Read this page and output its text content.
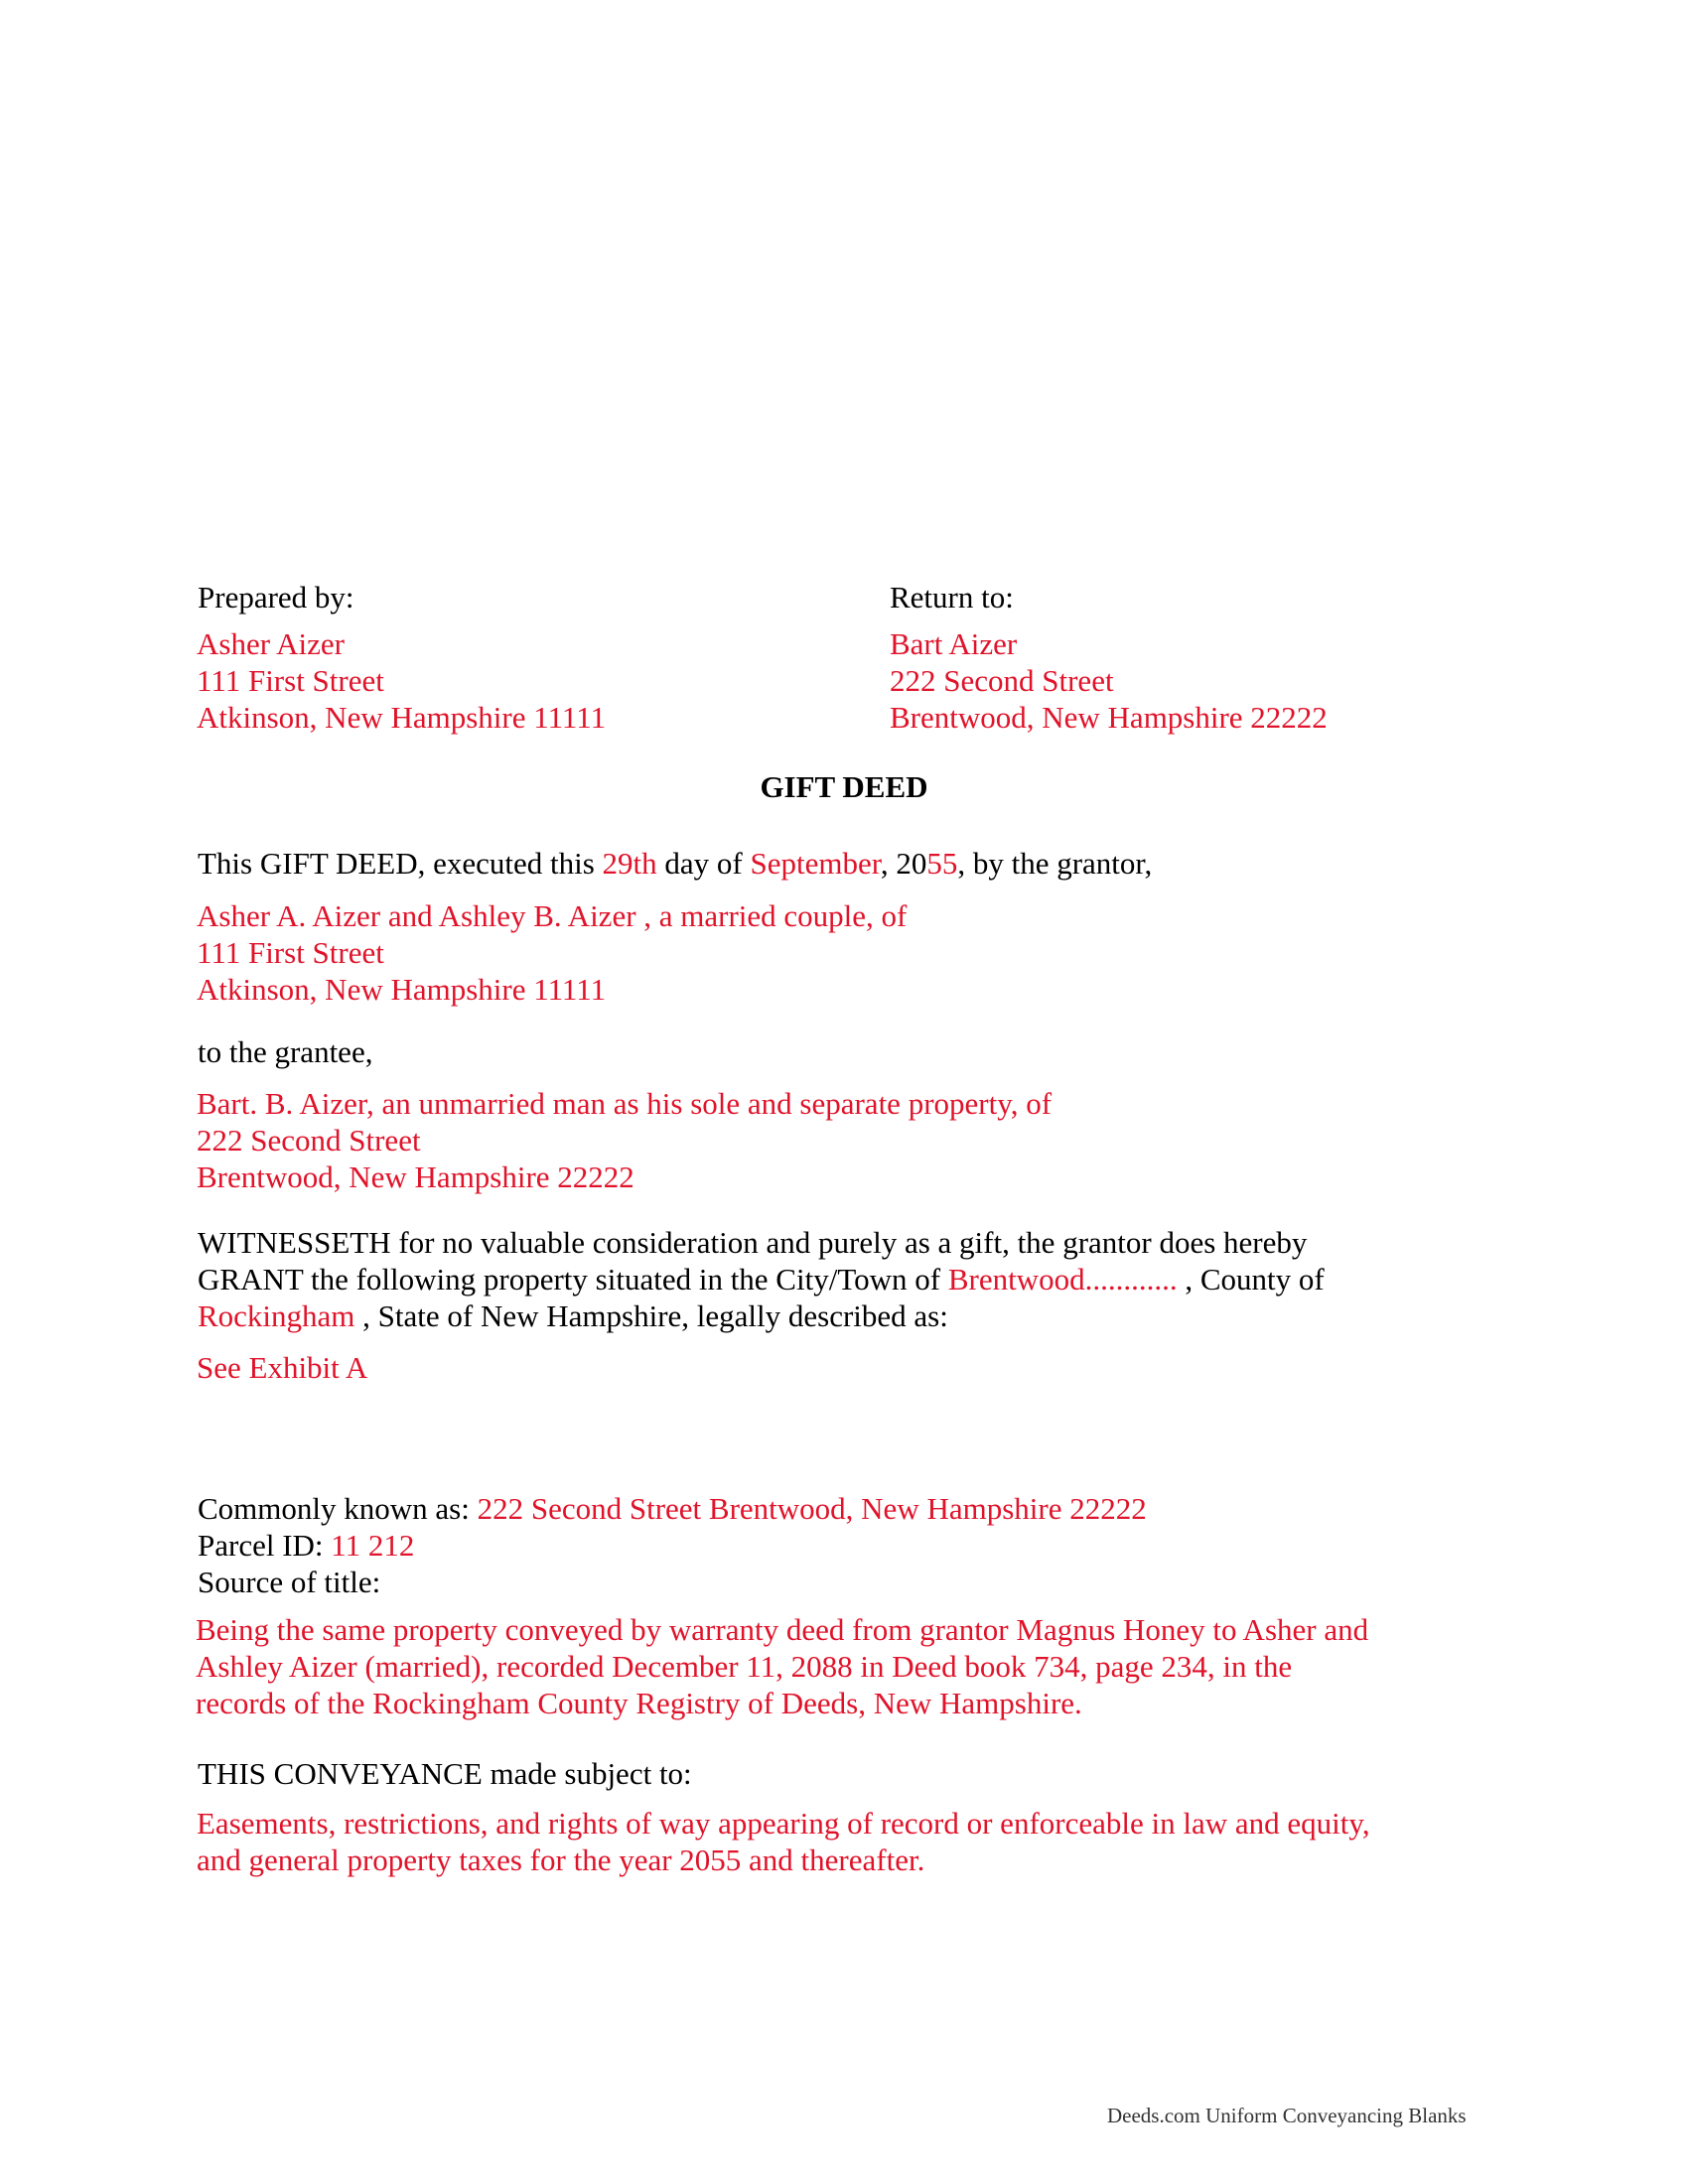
Prepared by:
Asher Aizer
111 First Street
Atkinson, New Hampshire 11111
Return to:
Bart Aizer
222 Second Street
Brentwood, New Hampshire 22222
GIFT DEED
This GIFT DEED, executed this 29th day of September, 2055, by the grantor,
Asher A. Aizer and Ashley B. Aizer , a married couple, of
111 First Street
Atkinson, New Hampshire 11111
to the grantee,
Bart. B. Aizer, an unmarried man as his sole and separate property, of
222 Second Street
Brentwood, New Hampshire 22222
WITNESSETH for no valuable consideration and purely as a gift, the grantor does hereby
GRANT the following property situated in the City/Town of Brentwood............ , County of
Rockingham , State of New Hampshire, legally described as:
See Exhibit A
Commonly known as: 222 Second Street Brentwood, New Hampshire 22222
Parcel ID: 11 212
Source of title:
Being the same property conveyed by warranty deed from grantor Magnus Honey to Asher and
Ashley Aizer (married), recorded December 11, 2088 in Deed book 734, page 234, in the
records of the Rockingham County Registry of Deeds, New Hampshire.
THIS CONVEYANCE made subject to:
Easements, restrictions, and rights of way appearing of record or enforceable in law and equity,
and general property taxes for the year 2055 and thereafter.
Deeds.com Uniform Conveyancing Blanks
